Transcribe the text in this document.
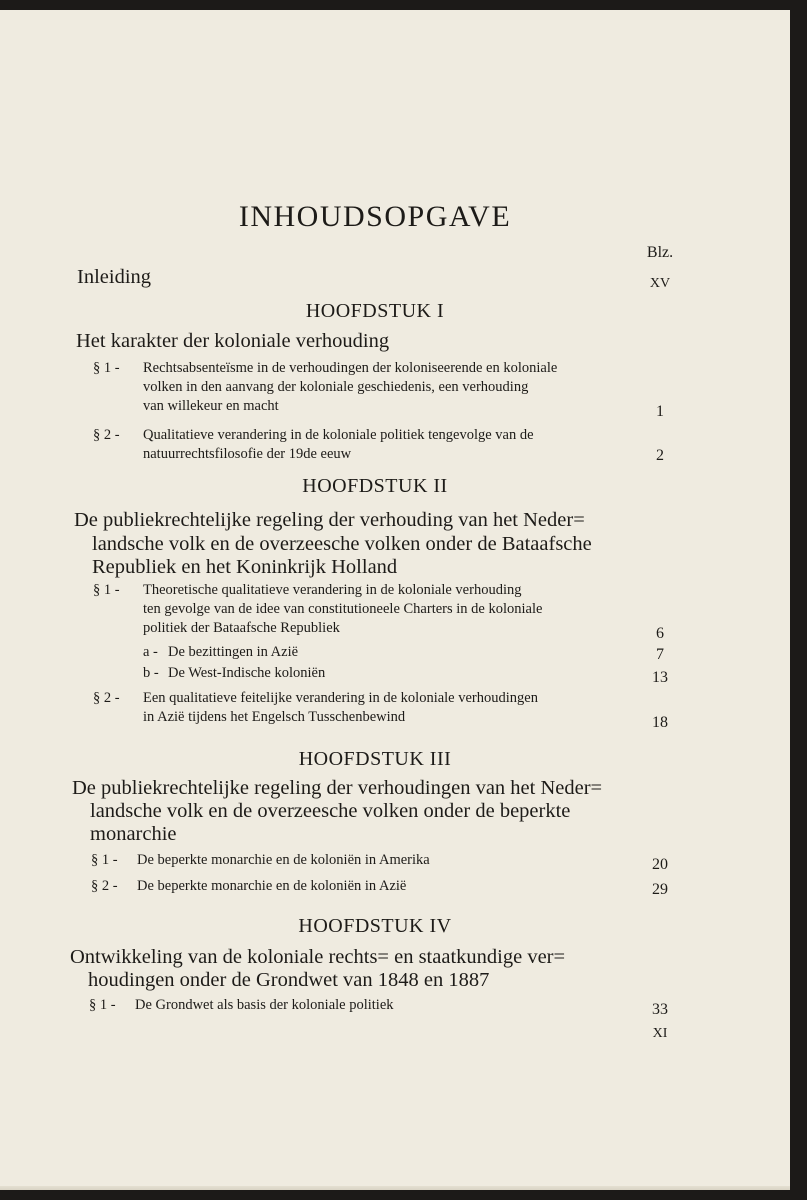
INHOUDSOPGAVE
Blz.
Inleiding	XV
HOOFDSTUK I
Het karakter der koloniale verhouding
§ 1 - Rechtsabsenteïsme in de verhoudingen der koloniseerende en koloniale
volken in den aanvang der koloniale geschiedenis, een verhouding
van willekeur en macht	1
§ 2 - Qualitatieve verandering in de koloniale politiek tengevolge van de
natuurrechtsfilosofie der 19de eeuw	2
HOOFDSTUK II
De publiekrechtelijke regeling der verhouding van het Neder=
landsche volk en de overzeesche volken onder de Bataafsche
Republiek en het Koninkrijk Holland
§ 1 - Theoretische qualitatieve verandering in de koloniale verhouding
ten gevolge van de idee van constitutioneele Charters in de koloniale
politiek der Bataafsche Republiek	6
a - De bezittingen in Azië	7
b - De West-Indische koloniën	13
§ 2 - Een qualitatieve feitelijke verandering in de koloniale verhoudingen
in Azië tijdens het Engelsch Tusschenbewind	18
HOOFDSTUK III
De publiekrechtelijke regeling der verhoudingen van het Neder=
landsche volk en de overzeesche volken onder de beperkte
monarchie
§ 1 - De beperkte monarchie en de koloniën in Amerika	20
§ 2 - De beperkte monarchie en de koloniën in Azië	29
HOOFDSTUK IV
Ontwikkeling van de koloniale rechts= en staatkundige ver=
houdingen onder de Grondwet van 1848 en 1887
§ 1 - De Grondwet als basis der koloniale politiek	33
XI
